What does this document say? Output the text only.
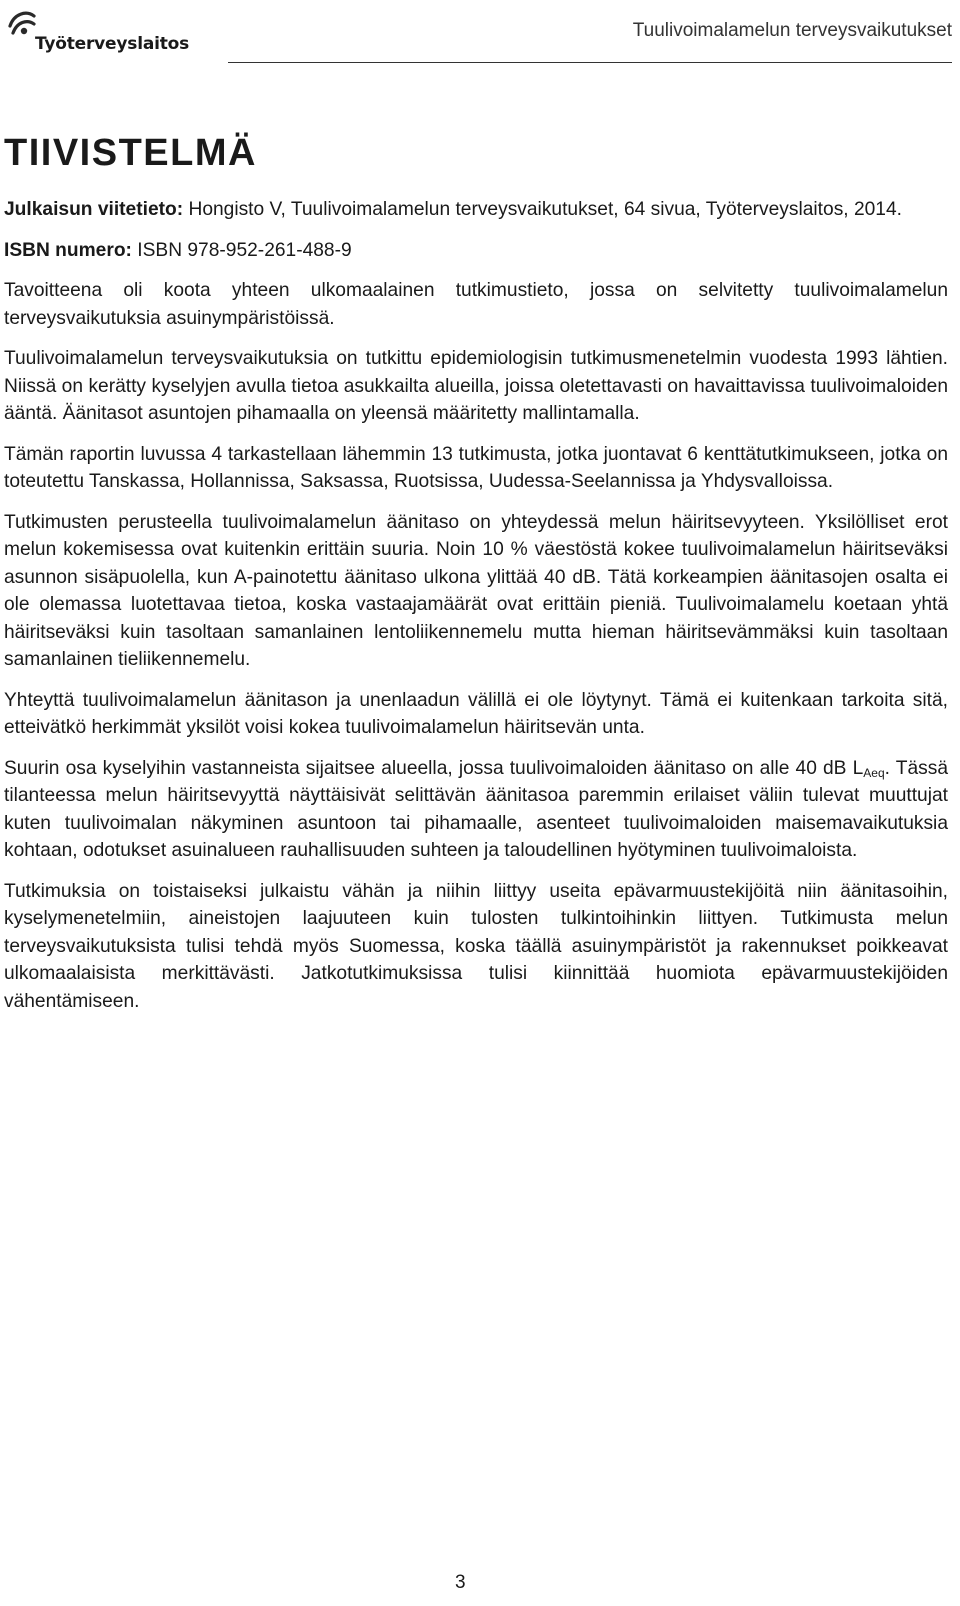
Työterveyslaitos
Tuulivoimalamelun terveysvaikutukset
TIIVISTELMÄ

Julkaisun viitetieto: Hongisto V, Tuulivoimalamelun terveysvaikutukset, 64 sivua, Työterveyslaitos, 2014.

ISBN numero: ISBN 978-952-261-488-9

Tavoitteena oli koota yhteen ulkomaalainen tutkimustieto, jossa on selvitetty tuulivoimalamelun terveysvaikutuksia asuinympäristöissä.

Tuulivoimalamelun terveysvaikutuksia on tutkittu epidemiologisin tutkimusmenetelmin vuodesta 1993 lähtien. Niissä on kerätty kyselyjen avulla tietoa asukkailta alueilla, joissa oletettavasti on havaittavissa tuulivoimaloiden ääntä. Äänitasot asuntojen pihamaalla on yleensä määritetty mallintamalla.

Tämän raportin luvussa 4 tarkastellaan lähemmin 13 tutkimusta, jotka juontavat 6 kenttätutkimukseen, jotka on toteutettu Tanskassa, Hollannissa, Saksassa, Ruotsissa, Uudessa-Seelannissa ja Yhdysvalloissa.

Tutkimusten perusteella tuulivoimalamelun äänitaso on yhteydessä melun häiritsevyyteen. Yksilölliset erot melun kokemisessa ovat kuitenkin erittäin suuria. Noin 10 % väestöstä kokee tuulivoimalamelun häiritseväksi asunnon sisäpuolella, kun A-painotettu äänitaso ulkona ylittää 40 dB. Tätä korkeampien äänitasojen osalta ei ole olemassa luotettavaa tietoa, koska vastaajamäärät ovat erittäin pieniä. Tuulivoimalamelu koetaan yhtä häiritseväksi kuin tasoltaan samanlainen lentoliikennemelu mutta hieman häiritsevämmäksi kuin tasoltaan samanlainen tieliikennemelu.

Yhteyttä tuulivoimalamelun äänitason ja unenlaadun välillä ei ole löytynyt. Tämä ei kuitenkaan tarkoita sitä, etteivätkö herkimmät yksilöt voisi kokea tuulivoimalamelun häiritsevän unta.

Suurin osa kyselyihin vastanneista sijaitsee alueella, jossa tuulivoimaloiden äänitaso on alle 40 dB $L_{Aeq}$. Tässä tilanteessa melun häiritsevyyttä näyttäisivät selittävän äänitasoa paremmin erilaiset väliin tulevat muuttujat kuten tuulivoimalan näkyminen asuntoon tai pihamaalle, asenteet tuulivoimaloiden maisemavaikutuksia kohtaan, odotukset asuinalueen rauhallisuuden suhteen ja taloudellinen hyötyminen tuulivoimaloista.

Tutkimuksia on toistaiseksi julkaistu vähän ja niihin liittyy useita epävarmuustekijöitä niin äänitasoihin, kyselymenetelmiin, aineistojen laajuuteen kuin tulosten tulkintoihinkin liittyen. Tutkimusta melun terveysvaikutuksista tulisi tehdä myös Suomessa, koska täällä asuinympäristöt ja rakennukset poikkeavat ulkomaalaisista merkittävästi. Jatkotutkimuksissa tulisi kiinnittää huomiota epävarmuustekijöiden vähentämiseen.

3
